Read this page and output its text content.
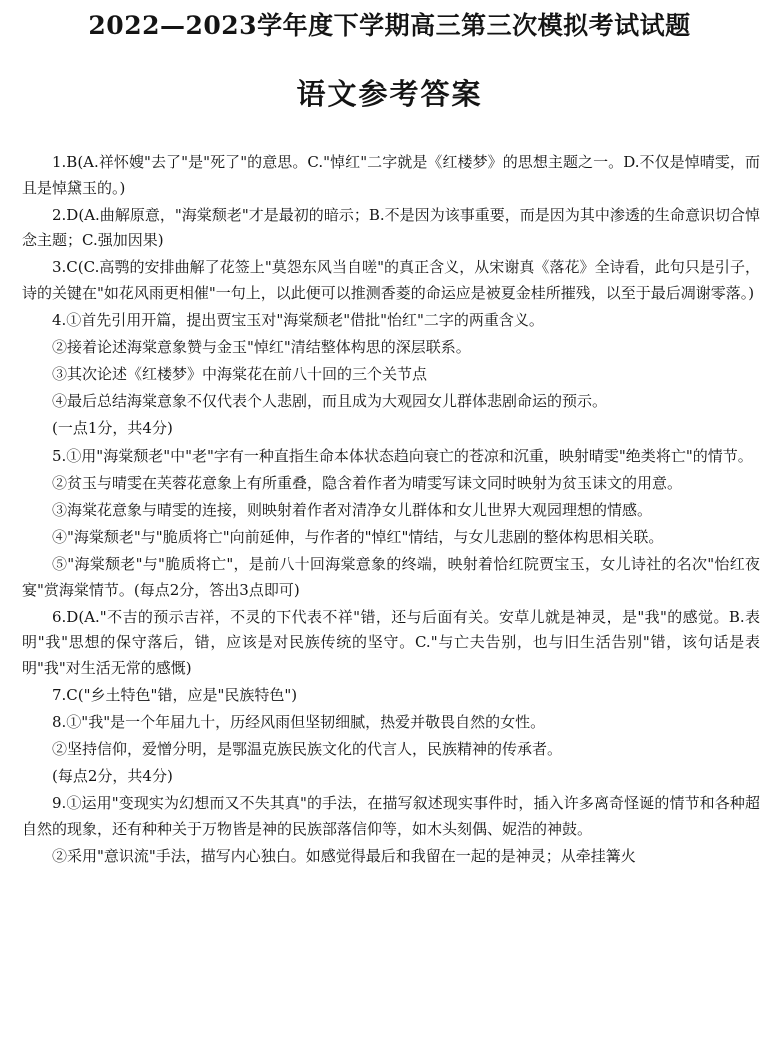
2022—2023学年度下学期高三第三次模拟考试试题
语文参考答案

1.B(A.祥怀嫂"去了"是"死了"的意思。C."悼红"二字就是《红楼梦》的思想主题之一。D.不仅是悼晴雯，而且是悼黛玉的。)

2.D(A.曲解原意，"海棠颓老"才是最初的暗示；B.不是因为该事重要，而是因为其中渗透的生命意识切合悼念主题；C.强加因果)

3.C(C.高鹗的安排曲解了花签上"莫怨东风当自嗟"的真正含义，从宋谢真《落花》全诗看，此句只是引子，诗的关键在"如花风雨更相催"一句上，以此便可以推测香菱的命运应是被夏金桂所摧残，以至于最后凋谢零落。)

4.①首先引用开篇，提出贾宝玉对"海棠颓老"借批"怡红"二字的两重含义。

②接着论述海棠意象赞与金玉"悼红"清结整体构思的深层联系。

③其次论述《红楼梦》中海棠花在前八十回的三个关节点

④最后总结海棠意象不仅代表个人悲剧，而且成为大观园女儿群体悲剧命运的预示。

(一点1分，共4分)

5.①用"海棠颓老"中"老"字有一种直指生命本体状态趋向衰亡的苍凉和沉重，映射晴雯"绝类将亡"的情节。

②贫玉与晴雯在芙蓉花意象上有所重叠，隐含着作者为晴雯写诔文同时映射为贫玉诔文的用意。

③海棠花意象与晴雯的连接，则映射着作者对清净女儿群体和女儿世界大观园理想的情感。

④"海棠颓老"与"脆质将亡"向前延伸，与作者的"悼红"情结，与女儿悲剧的整体构思相关联。

⑤"海棠颓老"与"脆质将亡"，是前八十回海棠意象的终端，映射着恰红院贾宝玉，女儿诗社的名次"怡红夜宴"赏海棠情节。(每点2分，答出3点即可)

6.D(A."不吉的预示吉祥，不灵的下代表不祥"错，还与后面有关。安草儿就是神灵，是"我"的感觉。B.表明"我"思想的保守落后，错，应该是对民族传统的坚守。C."与亡夫告别，也与旧生活告别"错，该句话是表明"我"对生活无常的感慨)

7.C("乡土特色"错，应是"民族特色")

8.①"我"是一个年届九十，历经风雨但坚韧细腻，热爱并敬畏自然的女性。

②坚持信仰，爱憎分明，是鄂温克族民族文化的代言人，民族精神的传承者。

(每点2分，共4分)

9.①运用"变现实为幻想而又不失其真"的手法，在描写叙述现实事件时，插入许多离奇怪诞的情节和各种超自然的现象，还有种种关于万物皆是神的民族部落信仰等，如木头刻偶、妮浩的神鼓。

②采用"意识流"手法，描写内心独白。如感觉得最后和我留在一起的是神灵；从牵挂篝火
